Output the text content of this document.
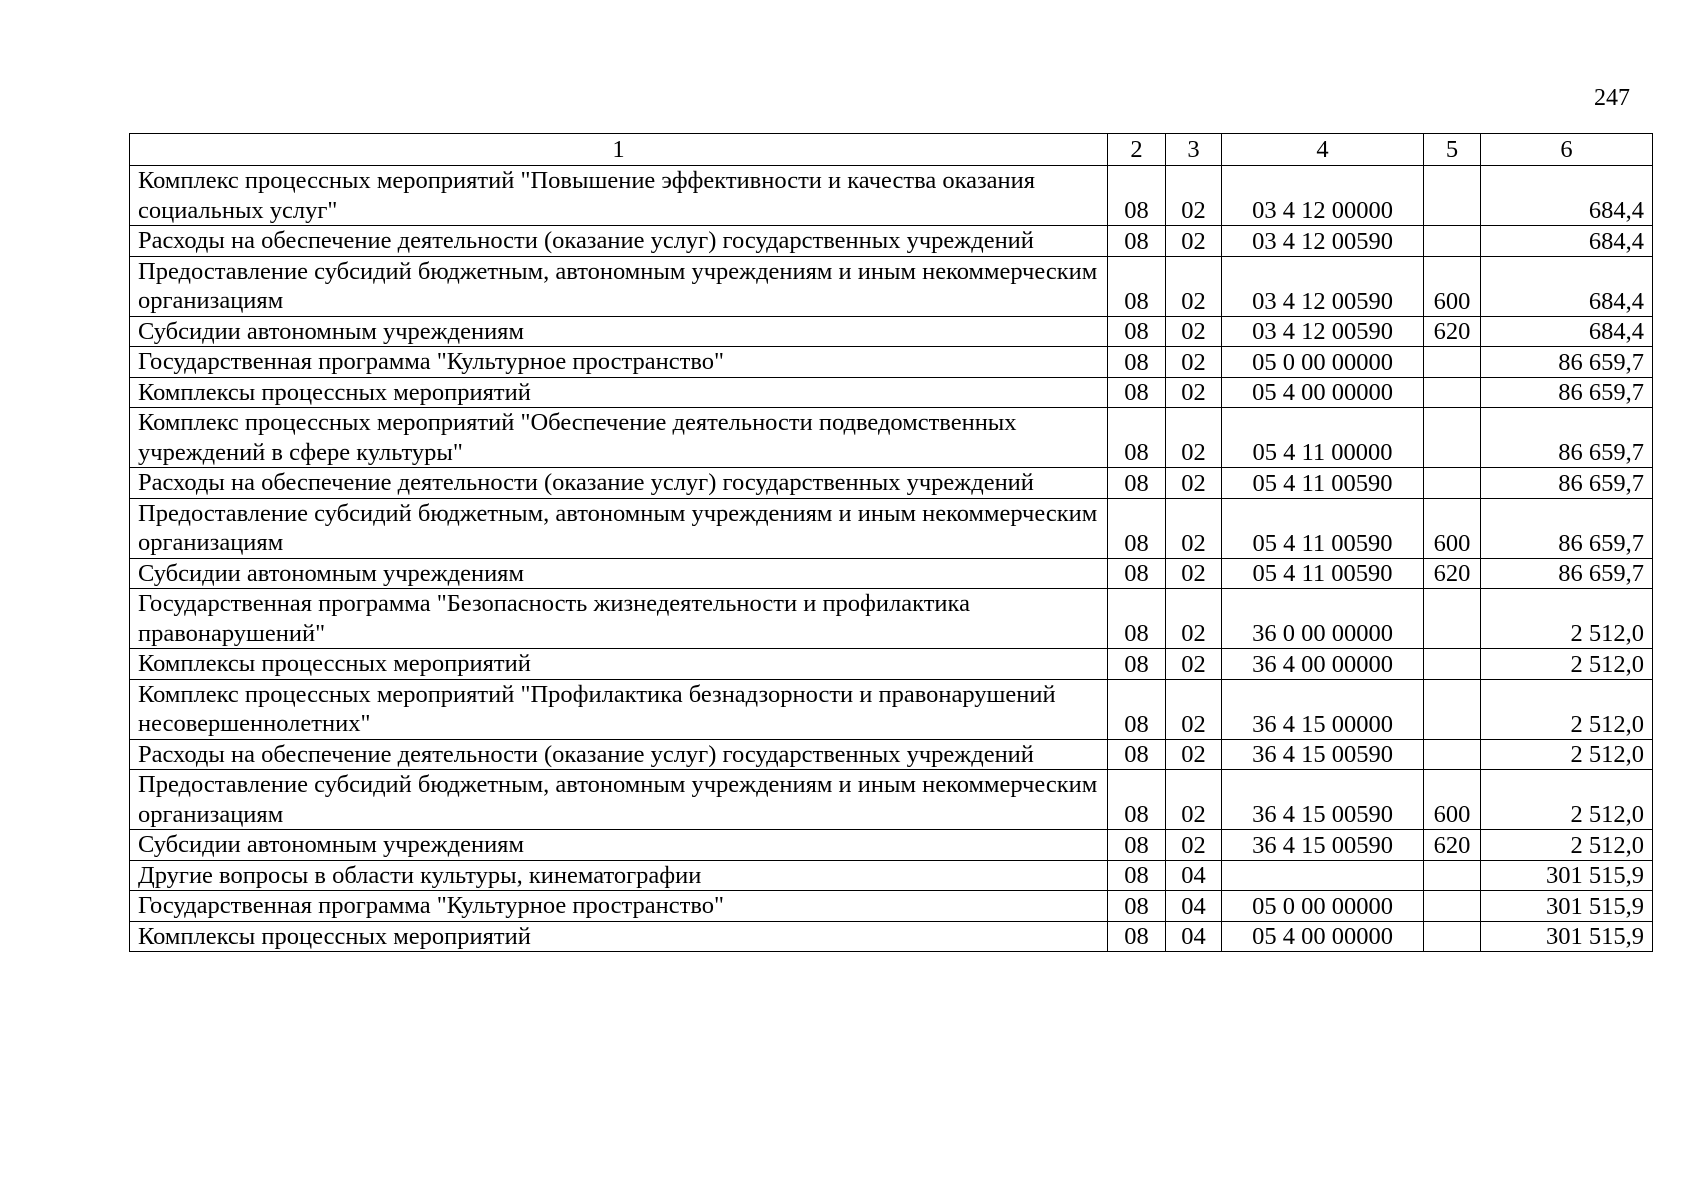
247
1	2	3	4	5	6
Комплекс процессных мероприятий "Повышение эффективности и качества оказания социальных услуг"	08	02	03 4 12 00000		684,4
Расходы на обеспечение деятельности (оказание услуг) государственных учреждений	08	02	03 4 12 00590		684,4
Предоставление субсидий бюджетным, автономным учреждениям и иным некоммерческим организациям	08	02	03 4 12 00590	600	684,4
Субсидии автономным учреждениям	08	02	03 4 12 00590	620	684,4
Государственная программа "Культурное пространство"	08	02	05 0 00 00000		86 659,7
Комплексы процессных мероприятий	08	02	05 4 00 00000		86 659,7
Комплекс процессных мероприятий "Обеспечение деятельности подведомственных учреждений в сфере культуры"	08	02	05 4 11 00000		86 659,7
Расходы на обеспечение деятельности (оказание услуг) государственных учреждений	08	02	05 4 11 00590		86 659,7
Предоставление субсидий бюджетным, автономным учреждениям и иным некоммерческим организациям	08	02	05 4 11 00590	600	86 659,7
Субсидии автономным учреждениям	08	02	05 4 11 00590	620	86 659,7
Государственная программа "Безопасность жизнедеятельности и профилактика правонарушений"	08	02	36 0 00 00000		2 512,0
Комплексы процессных мероприятий	08	02	36 4 00 00000		2 512,0
Комплекс процессных мероприятий "Профилактика безнадзорности и правонарушений несовершеннолетних"	08	02	36 4 15 00000		2 512,0
Расходы на обеспечение деятельности (оказание услуг) государственных учреждений	08	02	36 4 15 00590		2 512,0
Предоставление субсидий бюджетным, автономным учреждениям и иным некоммерческим организациям	08	02	36 4 15 00590	600	2 512,0
Субсидии автономным учреждениям	08	02	36 4 15 00590	620	2 512,0
Другие вопросы в области культуры, кинематографии	08	04			301 515,9
Государственная программа "Культурное пространство"	08	04	05 0 00 00000		301 515,9
Комплексы процессных мероприятий	08	04	05 4 00 00000		301 515,9
